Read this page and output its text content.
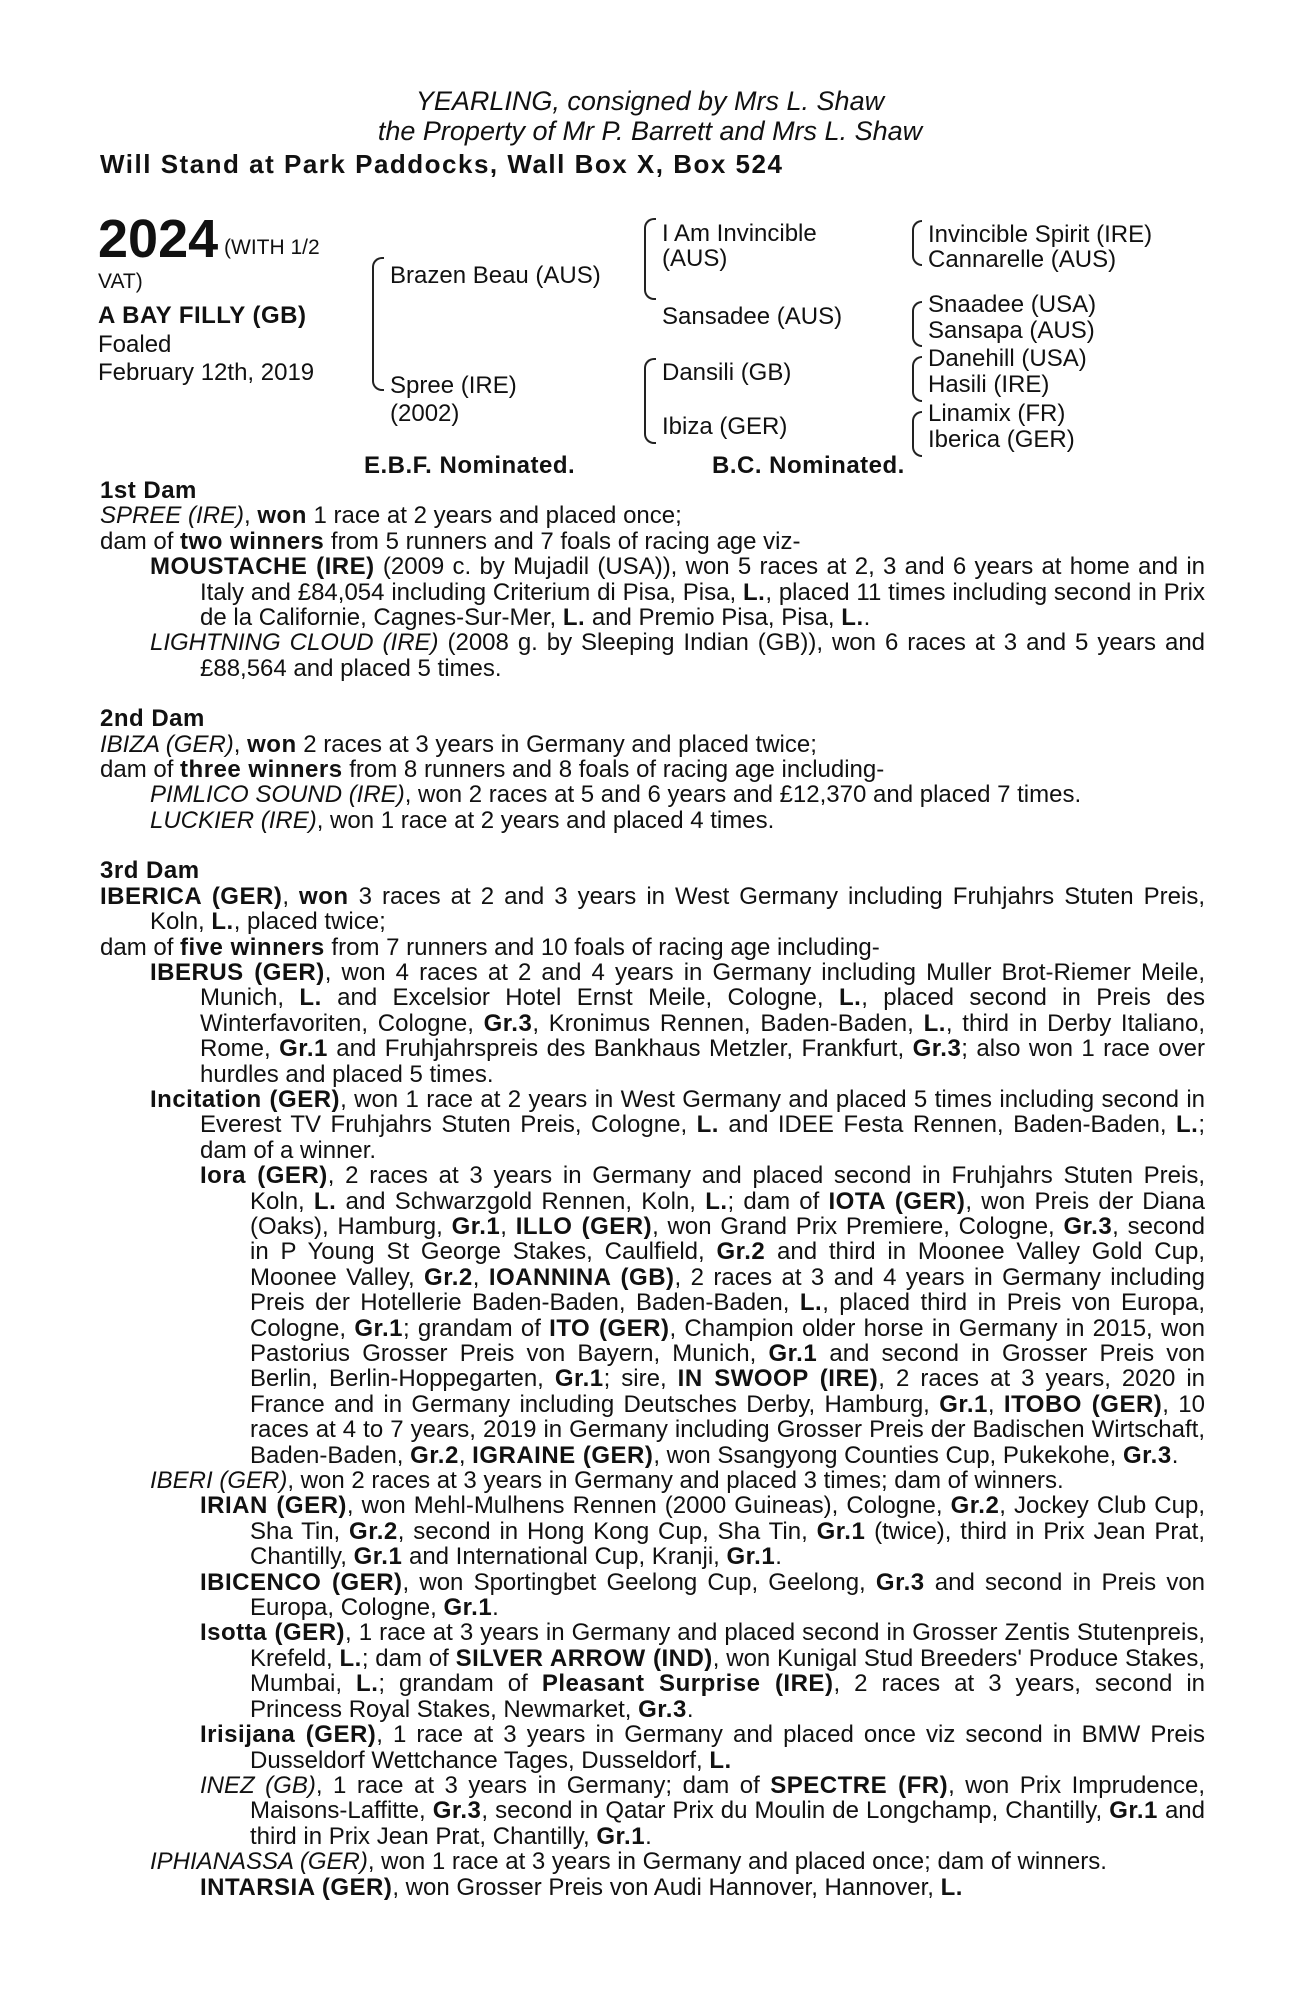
YEARLING, consigned by Mrs L. Shaw
the Property of Mr P. Barrett and Mrs L. Shaw
Will Stand at Park Paddocks, Wall Box X, Box 524
2024 (WITH 1/2
VAT)
A BAY FILLY (GB)
Foaled
February 12th, 2019
Brazen Beau (AUS)
Spree (IRE)
(2002)
I Am Invincible
(AUS)
Sansadee (AUS)
Dansili (GB)
Ibiza (GER)
Invincible Spirit (IRE)
Cannarelle (AUS)
Snaadee (USA)
Sansapa (AUS)
Danehill (USA)
Hasili (IRE)
Linamix (FR)
Iberica (GER)
E.B.F. Nominated.	B.C. Nominated.

1st Dam

SPREE (IRE), won 1 race at 2 years and placed once;

dam of two winners from 5 runners and 7 foals of racing age viz-

MOUSTACHE (IRE) (2009 c. by Mujadil (USA)), won 5 races at 2, 3 and 6 years at home and in Italy and £84,054 including Criterium di Pisa, Pisa, L., placed 11 times including second in Prix de la Californie, Cagnes-Sur-Mer, L. and Premio Pisa, Pisa, L..

LIGHTNING CLOUD (IRE) (2008 g. by Sleeping Indian (GB)), won 6 races at 3 and 5 years and £88,564 and placed 5 times.

2nd Dam

IBIZA (GER), won 2 races at 3 years in Germany and placed twice;

dam of three winners from 8 runners and 8 foals of racing age including-

PIMLICO SOUND (IRE), won 2 races at 5 and 6 years and £12,370 and placed 7 times.

LUCKIER (IRE), won 1 race at 2 years and placed 4 times.

3rd Dam

IBERICA (GER), won 3 races at 2 and 3 years in West Germany including Fruhjahrs Stuten Preis, Koln, L., placed twice;

dam of five winners from 7 runners and 10 foals of racing age including-

IBERUS (GER), won 4 races at 2 and 4 years in Germany including Muller Brot-Riemer Meile, Munich, L. and Excelsior Hotel Ernst Meile, Cologne, L., placed second in Preis des Winterfavoriten, Cologne, Gr.3, Kronimus Rennen, Baden-Baden, L., third in Derby Italiano, Rome, Gr.1 and Fruhjahrspreis des Bankhaus Metzler, Frankfurt, Gr.3; also won 1 race over hurdles and placed 5 times.

Incitation (GER), won 1 race at 2 years in West Germany and placed 5 times including second in Everest TV Fruhjahrs Stuten Preis, Cologne, L. and IDEE Festa Rennen, Baden-Baden, L.; dam of a winner.

Iora (GER), 2 races at 3 years in Germany and placed second in Fruhjahrs Stuten Preis, Koln, L. and Schwarzgold Rennen, Koln, L.; dam of IOTA (GER), won Preis der Diana (Oaks), Hamburg, Gr.1, ILLO (GER), won Grand Prix Premiere, Cologne, Gr.3, second in P Young St George Stakes, Caulfield, Gr.2 and third in Moonee Valley Gold Cup, Moonee Valley, Gr.2, IOANNINA (GB), 2 races at 3 and 4 years in Germany including Preis der Hotellerie Baden-Baden, Baden-Baden, L., placed third in Preis von Europa, Cologne, Gr.1; grandam of ITO (GER), Champion older horse in Germany in 2015, won Pastorius Grosser Preis von Bayern, Munich, Gr.1 and second in Grosser Preis von Berlin, Berlin-Hoppegarten, Gr.1; sire, IN SWOOP (IRE), 2 races at 3 years, 2020 in France and in Germany including Deutsches Derby, Hamburg, Gr.1, ITOBO (GER), 10 races at 4 to 7 years, 2019 in Germany including Grosser Preis der Badischen Wirtschaft, Baden-Baden, Gr.2, IGRAINE (GER), won Ssangyong Counties Cup, Pukekohe, Gr.3.

IBERI (GER), won 2 races at 3 years in Germany and placed 3 times; dam of winners.

IRIAN (GER), won Mehl-Mulhens Rennen (2000 Guineas), Cologne, Gr.2, Jockey Club Cup, Sha Tin, Gr.2, second in Hong Kong Cup, Sha Tin, Gr.1 (twice), third in Prix Jean Prat, Chantilly, Gr.1 and International Cup, Kranji, Gr.1.

IBICENCO (GER), won Sportingbet Geelong Cup, Geelong, Gr.3 and second in Preis von Europa, Cologne, Gr.1.

Isotta (GER), 1 race at 3 years in Germany and placed second in Grosser Zentis Stutenpreis, Krefeld, L.; dam of SILVER ARROW (IND), won Kunigal Stud Breeders' Produce Stakes, Mumbai, L.; grandam of Pleasant Surprise (IRE), 2 races at 3 years, second in Princess Royal Stakes, Newmarket, Gr.3.

Irisijana (GER), 1 race at 3 years in Germany and placed once viz second in BMW Preis Dusseldorf Wettchance Tages, Dusseldorf, L.

INEZ (GB), 1 race at 3 years in Germany; dam of SPECTRE (FR), won Prix Imprudence, Maisons-Laffitte, Gr.3, second in Qatar Prix du Moulin de Longchamp, Chantilly, Gr.1 and third in Prix Jean Prat, Chantilly, Gr.1.

IPHIANASSA (GER), won 1 race at 3 years in Germany and placed once; dam of winners.

INTARSIA (GER), won Grosser Preis von Audi Hannover, Hannover, L.
